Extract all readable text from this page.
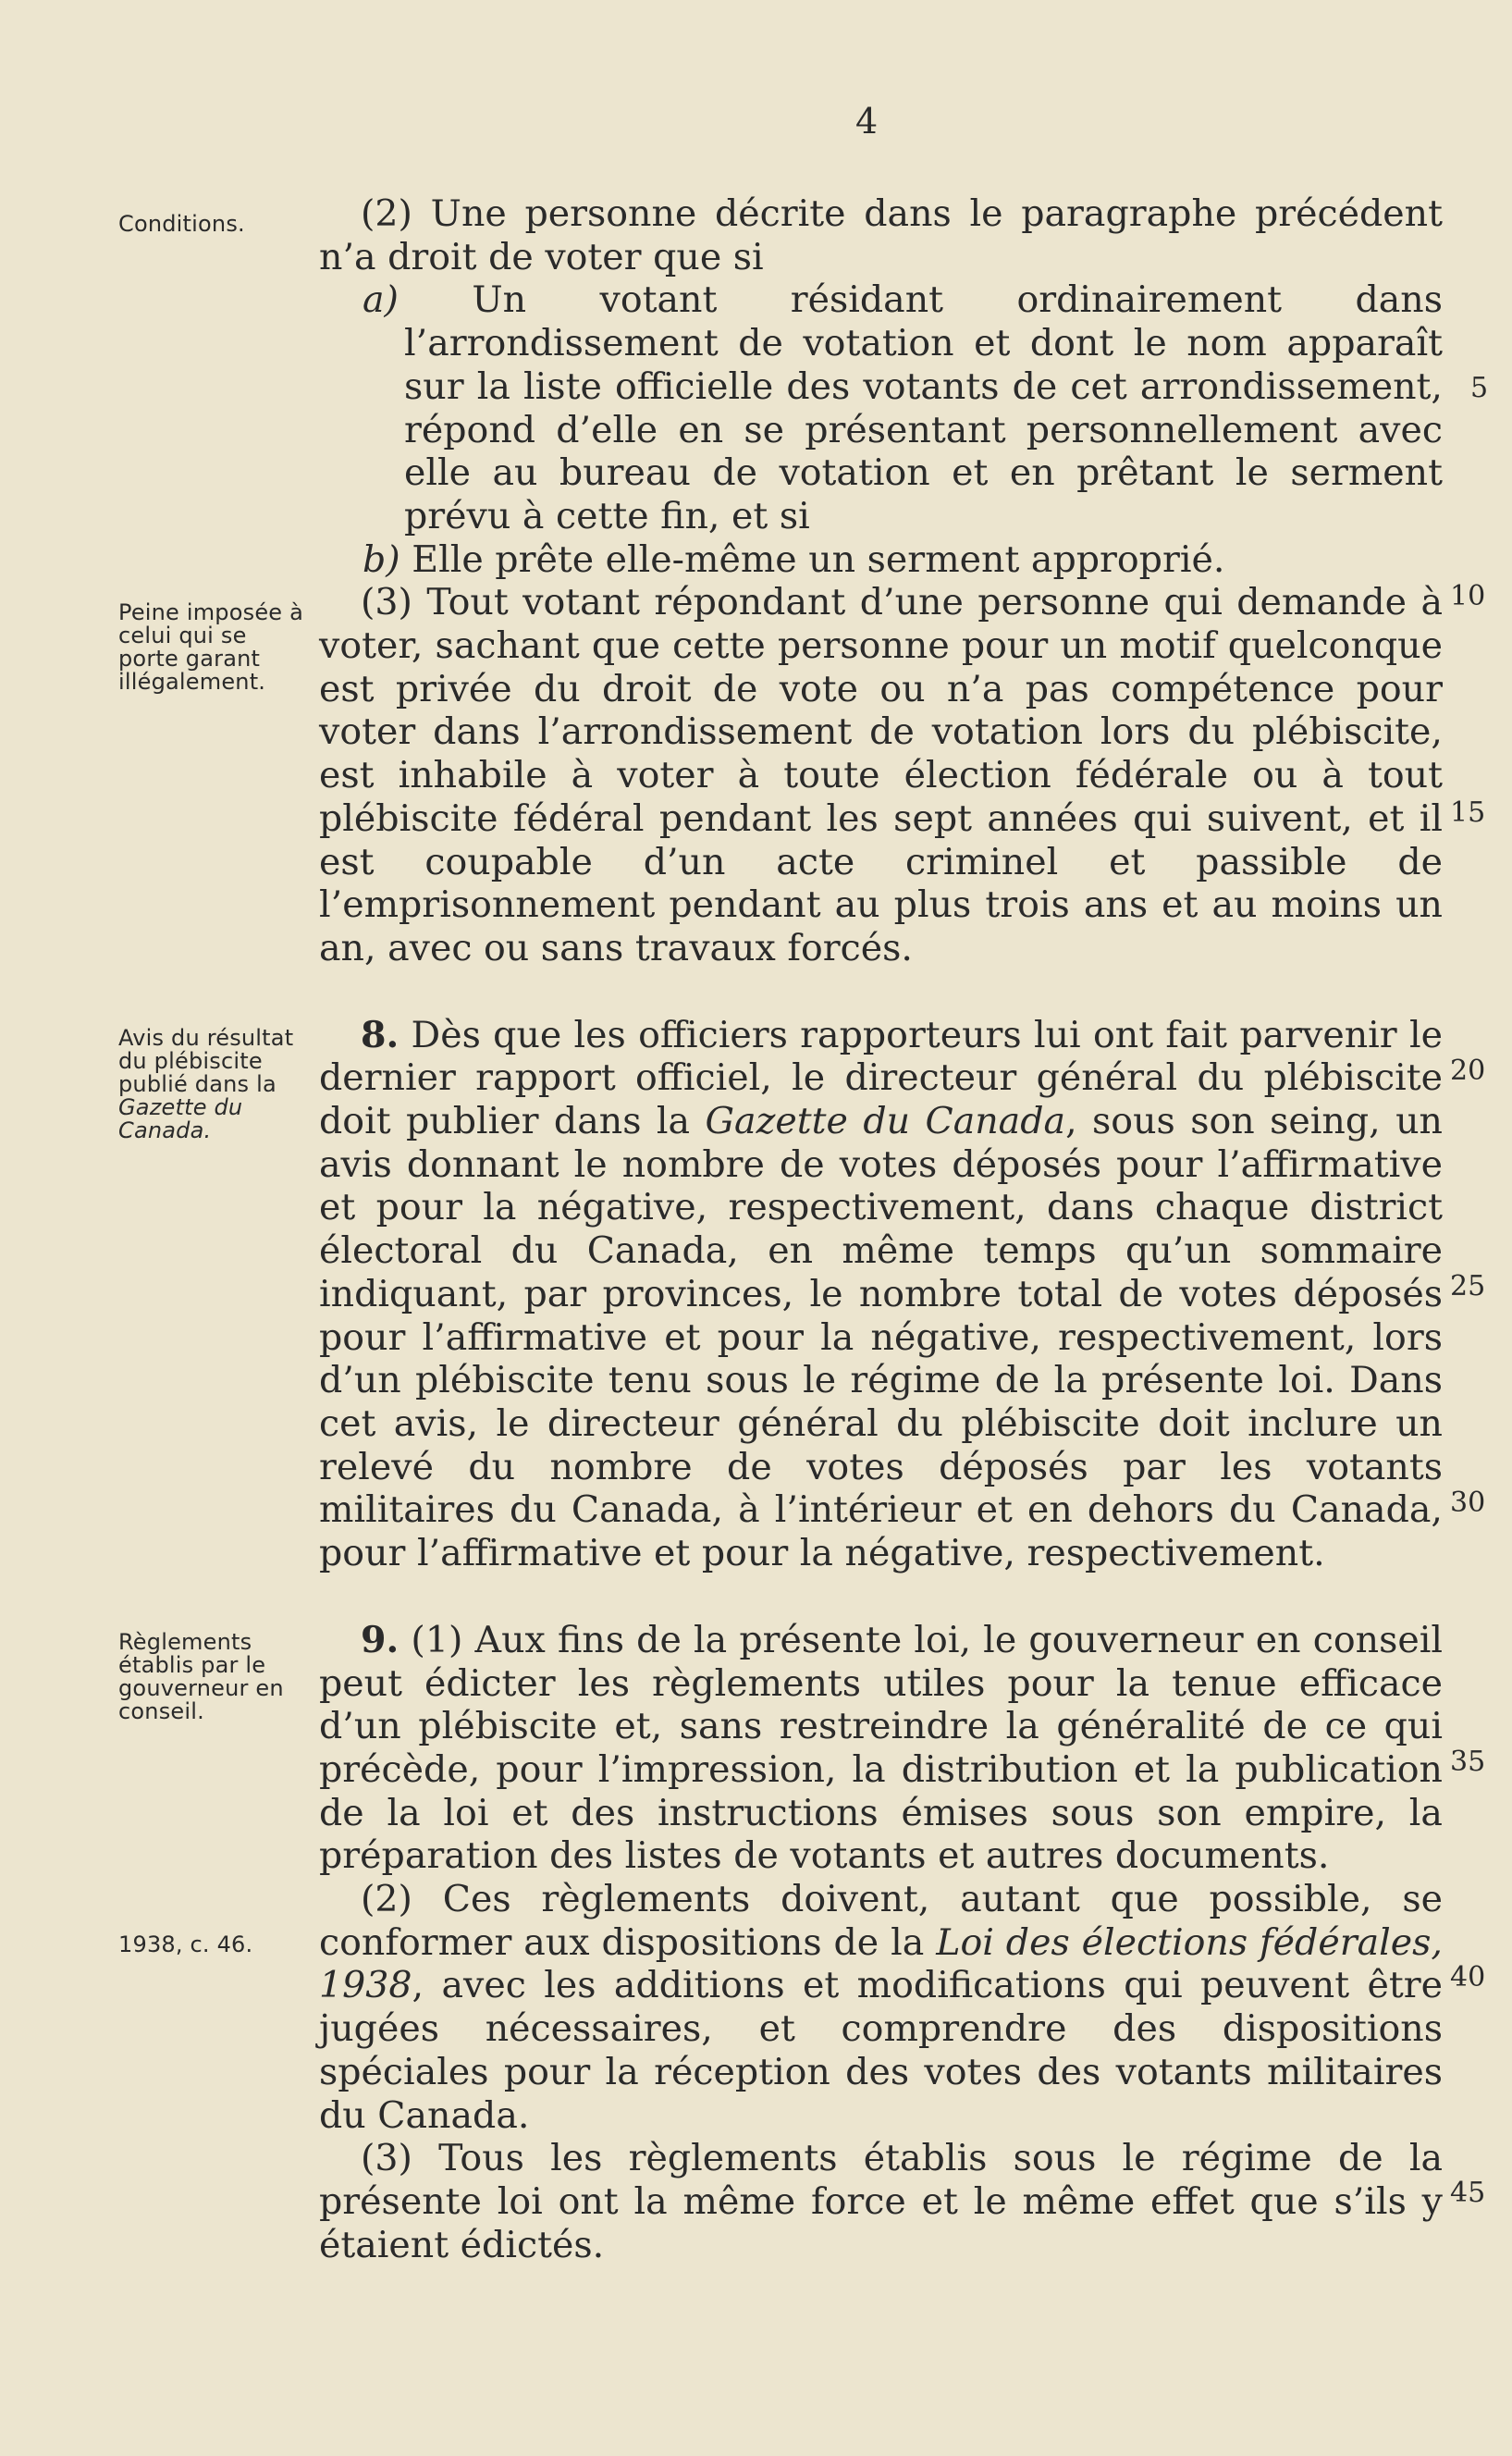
4
Conditions.
Peine imposée à celui qui se porte garant illégalement.
Avis du résultat du plébiscite publié dans la Gazette du Canada.
Règlements établis par le gouverneur en conseil.
1938, c. 46.
5
10
15
20
25
30
35
40
45

(2) Une personne décrite dans le paragraphe précédent n’a droit de voter que si

a) Un votant résidant ordinairement dans l’arrondissement de votation et dont le nom apparaît sur la liste officielle des votants de cet arrondissement, répond d’elle en se présentant personnellement avec elle au bureau de votation et en prêtant le serment prévu à cette fin, et si

b) Elle prête elle-même un serment approprié.

(3) Tout votant répondant d’une personne qui demande à voter, sachant que cette personne pour un motif quelconque est privée du droit de vote ou n’a pas compétence pour voter dans l’arrondissement de votation lors du plébiscite, est inhabile à voter à toute élection fédérale ou à tout plébiscite fédéral pendant les sept années qui suivent, et il est coupable d’un acte criminel et passible de l’emprisonnement pendant au plus trois ans et au moins un an, avec ou sans travaux forcés.

8. Dès que les officiers rapporteurs lui ont fait parvenir le dernier rapport officiel, le directeur général du plébiscite doit publier dans la Gazette du Canada, sous son seing, un avis donnant le nombre de votes déposés pour l’affirmative et pour la négative, respectivement, dans chaque district électoral du Canada, en même temps qu’un sommaire indiquant, par provinces, le nombre total de votes déposés pour l’affirmative et pour la négative, respectivement, lors d’un plébiscite tenu sous le régime de la présente loi. Dans cet avis, le directeur général du plébiscite doit inclure un relevé du nombre de votes déposés par les votants militaires du Canada, à l’intérieur et en dehors du Canada, pour l’affirmative et pour la négative, respectivement.

9. (1) Aux fins de la présente loi, le gouverneur en conseil peut édicter les règlements utiles pour la tenue efficace d’un plébiscite et, sans restreindre la généralité de ce qui précède, pour l’impression, la distribution et la publication de la loi et des instructions émises sous son empire, la préparation des listes de votants et autres documents.

(2) Ces règlements doivent, autant que possible, se conformer aux dispositions de la Loi des élections fédérales, 1938, avec les additions et modifications qui peuvent être jugées nécessaires, et comprendre des dispositions spéciales pour la réception des votes des votants militaires du Canada.

(3) Tous les règlements établis sous le régime de la présente loi ont la même force et le même effet que s’ils y étaient édictés.
